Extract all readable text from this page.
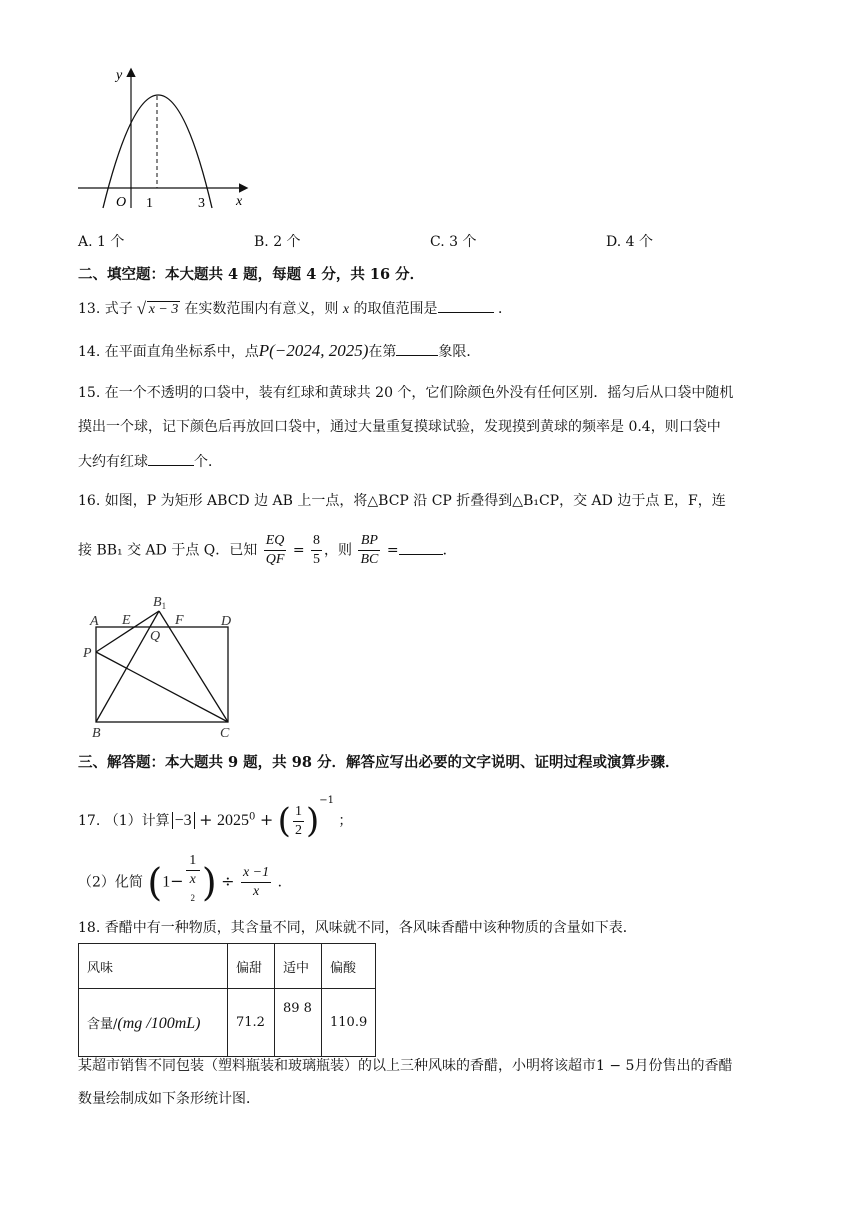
y
x
O 1	3
A. 1 个	B. 2 个	C. 3 个	D. 4 个
二、填空题：本大题共 4 题，每题 4 分，共 16 分．
13. 式子 √ x − 3 在实数范围内有意义，则 x 的取值范围是	．
14. 在平面直角坐标系中，点P(−2024, 2025)在第	象限．
15. 在一个不透明的口袋中，装有红球和黄球共 20 个，它们除颜色外没有任何区别．摇匀后从口袋中随机
摸出一个球，记下颜色后再放回口袋中，通过大量重复摸球试验，发现摸到黄球的频率是 0.4，则口袋中
大约有红球	个．
16. 如图，P 为矩形 ABCD 边 AB 上一点，将△BCP 沿 CP 折叠得到△B₁CP，交 AD 边于点 E，F，连
接 BB₁ 交 AD 于点 Q．已知 $\frac{EQ}{QF} = \frac{8}{5}$ ，则 $\frac{BP}{BC}$ =	．
A E
$B_1$
F	D
Q
P
B	C
三、解答题：本大题共 9 题，共 98 分．解答应写出必要的文字说明、证明过程或演算步骤．
17. （1）计算 $-3 + 2025^0$ + ( $\frac{1}{2} )^{-1}$ ；
（2）化简 (1− 1
x
$^2$ ) ÷ $\frac{x -1}{x}$ ．
18. 香醋中有一种物质，其含量不同，风味就不同，各风味香醋中该种物质的含量如下表．
风味	偏甜	适中	偏酸
含量/(mg /100mL)	71.2	89 8	110.9
某超市销售不同包装（塑料瓶装和玻璃瓶装）的以上三种风味的香醋，小明将该超市1 − 5月份售出的香醋
数量绘制成如下条形统计图．
